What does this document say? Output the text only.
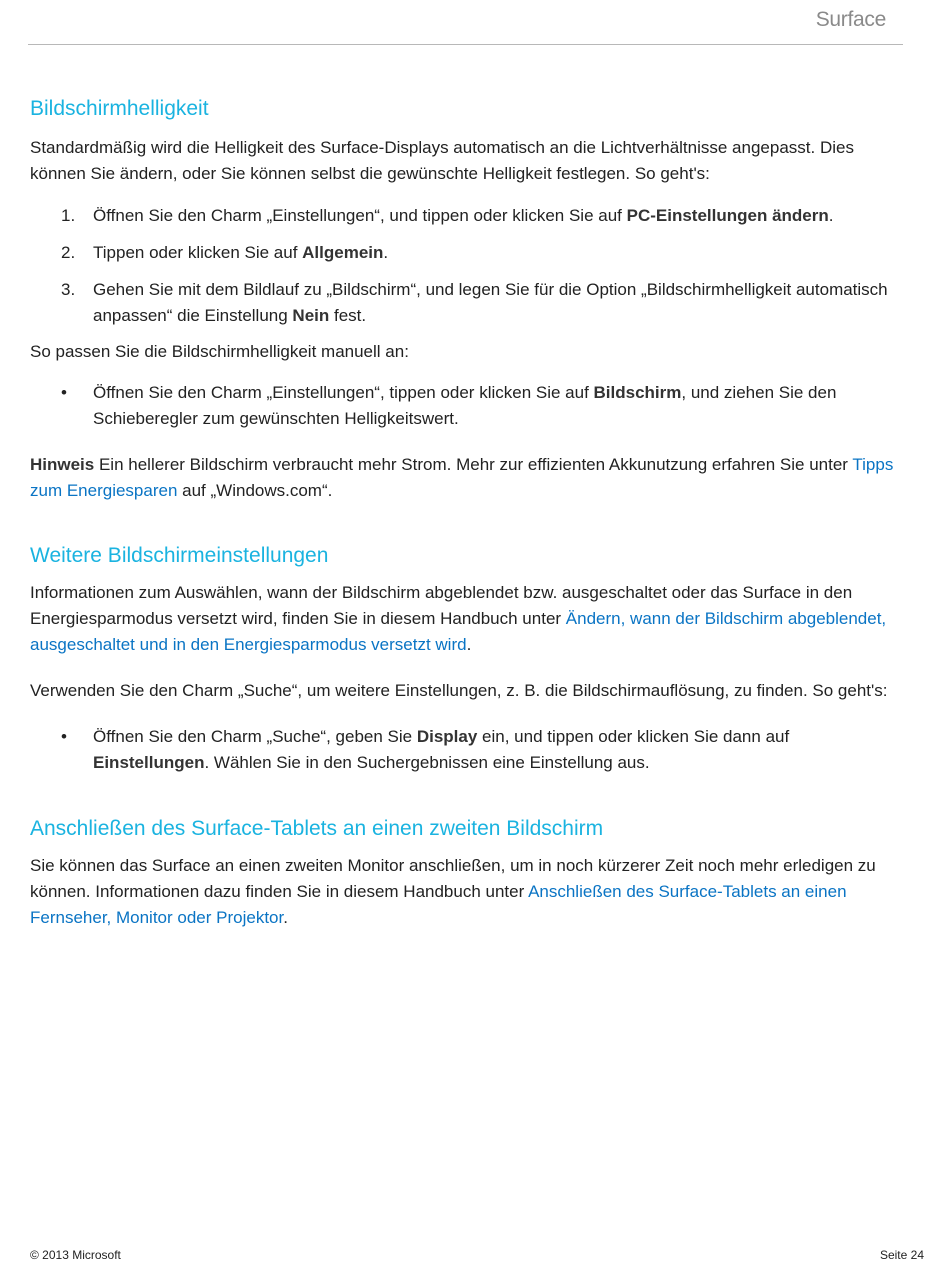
Surface
Bildschirmhelligkeit

Standardmäßig wird die Helligkeit des Surface-Displays automatisch an die Lichtverhältnisse angepasst. Dies können Sie ändern, oder Sie können selbst die gewünschte Helligkeit festlegen. So geht's:

1. Öffnen Sie den Charm „Einstellungen“, und tippen oder klicken Sie auf PC-Einstellungen ändern.
2. Tippen oder klicken Sie auf Allgemein.
3. Gehen Sie mit dem Bildlauf zu „Bildschirm“, und legen Sie für die Option „Bildschirmhelligkeit automatisch anpassen“ die Einstellung Nein fest.

So passen Sie die Bildschirmhelligkeit manuell an:

• Öffnen Sie den Charm „Einstellungen“, tippen oder klicken Sie auf Bildschirm, und ziehen Sie den Schieberegler zum gewünschten Helligkeitswert.

Hinweis Ein hellerer Bildschirm verbraucht mehr Strom. Mehr zur effizienten Akkunutzung erfahren Sie unter Tipps zum Energiesparen auf „Windows.com“.

Weitere Bildschirmeinstellungen

Informationen zum Auswählen, wann der Bildschirm abgeblendet bzw. ausgeschaltet oder das Surface in den Energiesparmodus versetzt wird, finden Sie in diesem Handbuch unter Ändern, wann der Bildschirm abgeblendet, ausgeschaltet und in den Energiesparmodus versetzt wird.

Verwenden Sie den Charm „Suche“, um weitere Einstellungen, z. B. die Bildschirmauflösung, zu finden. So geht's:

• Öffnen Sie den Charm „Suche“, geben Sie Display ein, und tippen oder klicken Sie dann auf Einstellungen. Wählen Sie in den Suchergebnissen eine Einstellung aus.
Anschließen des Surface-Tablets an einen zweiten Bildschirm

Sie können das Surface an einen zweiten Monitor anschließen, um in noch kürzerer Zeit noch mehr erledigen zu können. Informationen dazu finden Sie in diesem Handbuch unter Anschließen des Surface-Tablets an einen Fernseher, Monitor oder Projektor.

© 2013 Microsoft	Seite 24
